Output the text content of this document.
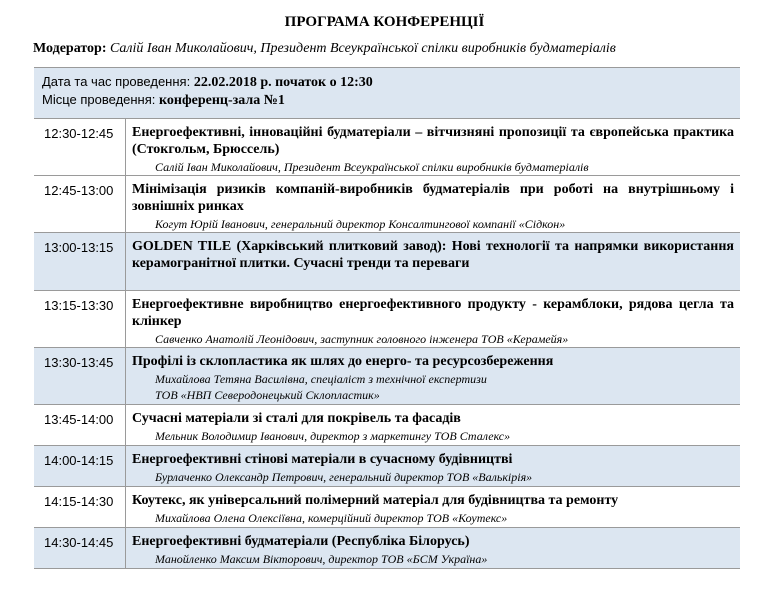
ПРОГРАМА КОНФЕРЕНЦІЇ
Модератор: Салій Іван Миколайович, Президент Всеукраїнської спілки виробників будматеріалів
Дата та час проведення: 22.02.2018 р. початок о 12:30
Місце проведення: конференц-зала №1
12:30-12:45	Енергоефективні, інноваційні будматеріали – вітчизняні пропозиції та європейська практика (Стокгольм, Брюссель)
Салій Іван Миколайович, Президент Всеукраїнської спілки виробників будматеріалів
12:45-13:00	Мінімізація ризиків компаній-виробників будматеріалів при роботі на внутрішньому і зовнішніх ринках
Когут Юрій Іванович, генеральний директор Консалтингової компанії «Сідкон»
13:00-13:15	GOLDEN TILE (Харківський плитковий завод): Нові технології та напрямки використання керамогранітної плитки. Сучасні тренди та переваги
13:15-13:30	Енергоефективне виробництво енергоефективного продукту - керамблоки, рядова цегла та клінкер
Савченко Анатолій Леонідович, заступник головного інженера ТОВ «Керамейя»
13:30-13:45	Профілі із склопластика як шлях до енерго- та ресурсозбереження
Михайлова Тетяна Василівна, спеціаліст з технічної експертизи
ТОВ «НВП Северодонецький Склопластик»
13:45-14:00	Сучасні матеріали зі сталі для покрівель та фасадів
Мельник Володимир Іванович, директор з маркетингу ТОВ Сталекс»
14:00-14:15	Енергоефективні стінові матеріали в сучасному будівництві
Бурлаченко Олександр Петрович, генеральний директор ТОВ «Валькірія»
14:15-14:30	Коутекс, як універсальний полімерний матеріал для будівництва та ремонту
Михайлова Олена Олексіївна, комерційний директор ТОВ «Коутекс»
14:30-14:45	Енергоефективні будматеріали (Республіка Білорусь)
Манойленко Максим Вікторович, директор ТОВ «БСМ Україна»
